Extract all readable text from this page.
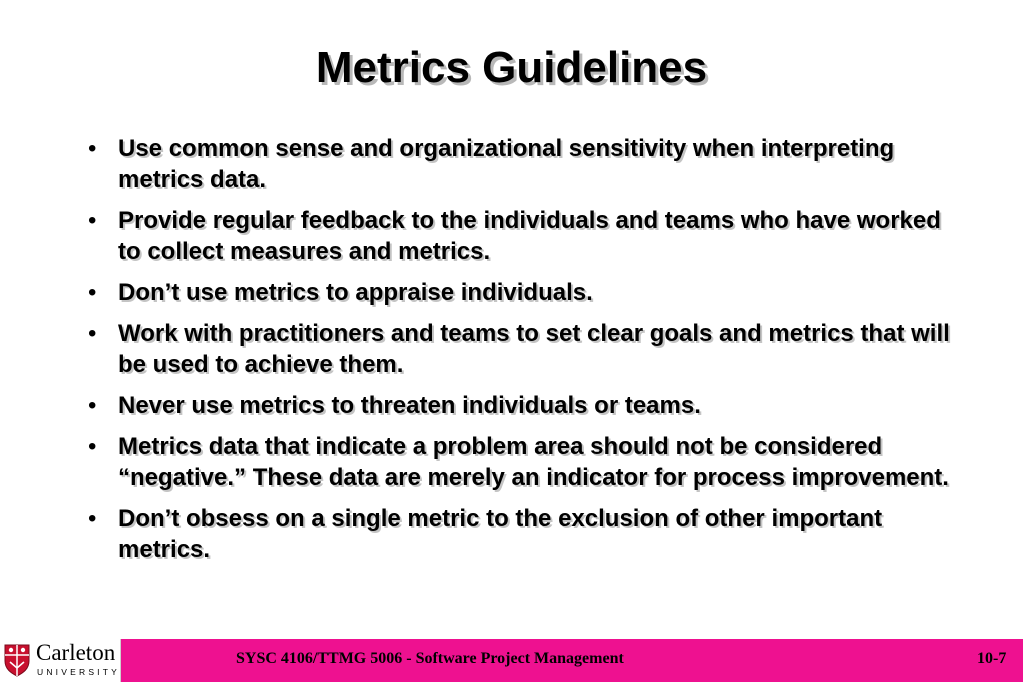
Metrics Guidelines
• Use common sense and organizational sensitivity when interpreting metrics data.
• Provide regular feedback to the individuals and teams who have worked to collect measures and metrics.
• Don’t use metrics to appraise individuals.
• Work with practitioners and teams to set clear goals and metrics that will be used to achieve them.
• Never use metrics to threaten individuals or teams.
• Metrics data that indicate a problem area should not be considered “negative.” These data are merely an indicator for process improvement.
• Don’t obsess on a single metric to the exclusion of other important metrics.
Carleton
UNIVERSITY
SYSC 4106/TTMG 5006 - Software Project Management	10-7
